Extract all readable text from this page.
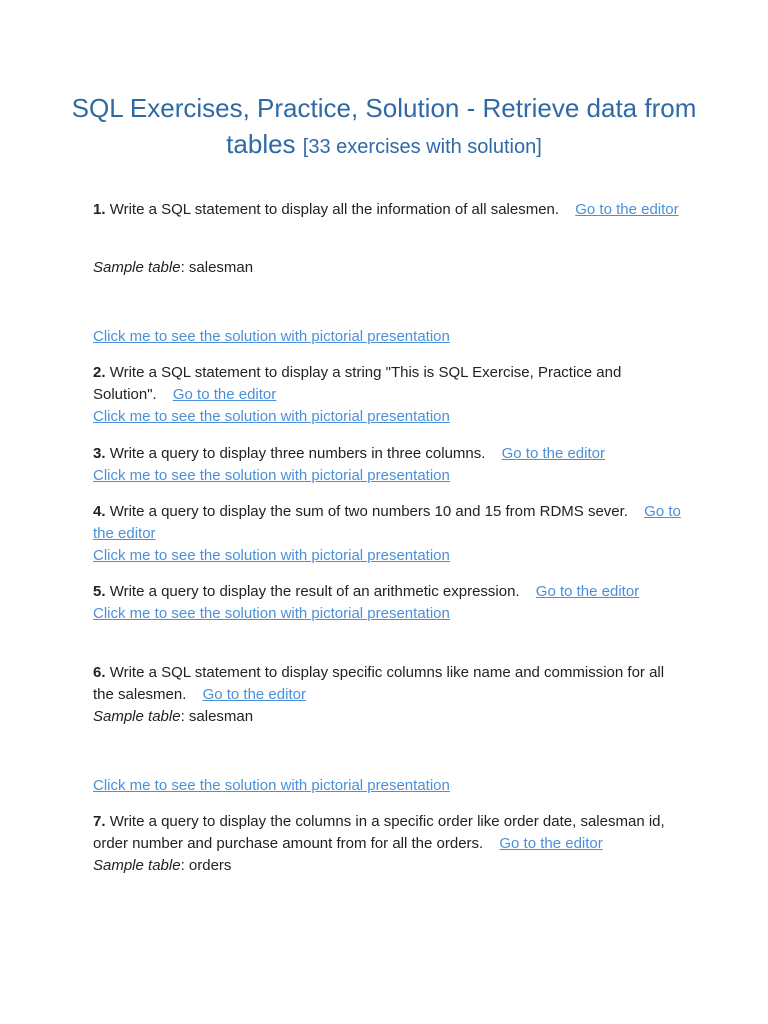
SQL Exercises, Practice, Solution - Retrieve data from tables [33 exercises with solution]
1. Write a SQL statement to display all the information of all salesmen. Go to the editor
Sample table: salesman
Click me to see the solution with pictorial presentation
2. Write a SQL statement to display a string "This is SQL Exercise, Practice and Solution". Go to the editor
Click me to see the solution with pictorial presentation
3. Write a query to display three numbers in three columns. Go to the editor
Click me to see the solution with pictorial presentation
4. Write a query to display the sum of two numbers 10 and 15 from RDMS sever. Go to the editor
Click me to see the solution with pictorial presentation
5. Write a query to display the result of an arithmetic expression. Go to the editor
Click me to see the solution with pictorial presentation
6. Write a SQL statement to display specific columns like name and commission for all the salesmen. Go to the editor
Sample table: salesman
Click me to see the solution with pictorial presentation
7. Write a query to display the columns in a specific order like order date, salesman id, order number and purchase amount from for all the orders. Go to the editor
Sample table: orders
